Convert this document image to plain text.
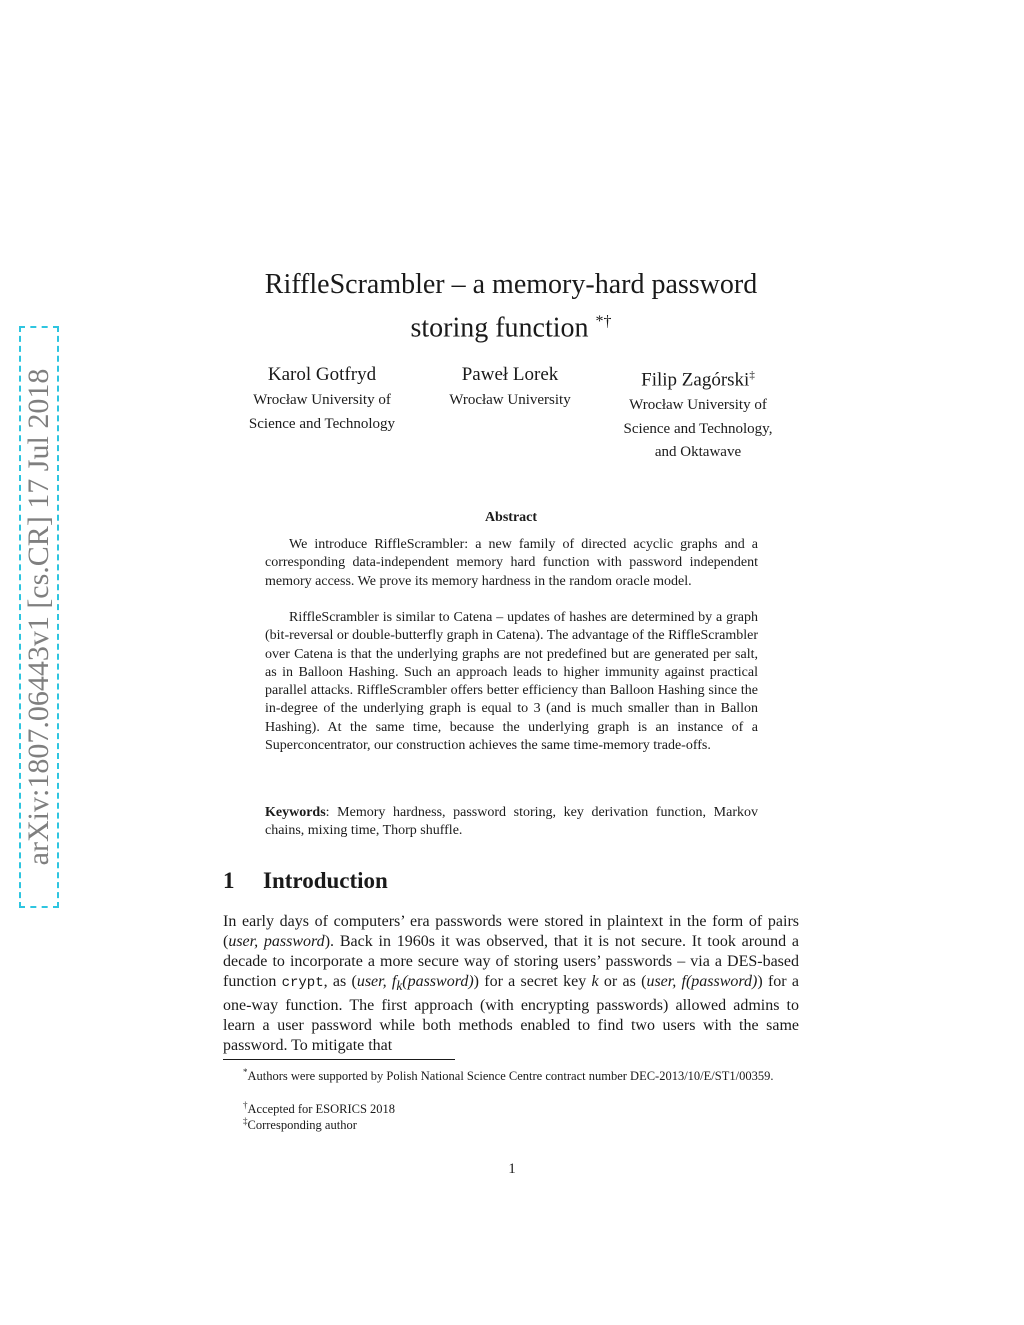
arXiv:1807.06443v1 [cs.CR] 17 Jul 2018
RiffleScrambler – a memory-hard password
storing function *†
Karol Gotfryd
Wrocław University of
Science and Technology
Paweł Lorek
Wrocław University
Filip Zagórski‡
Wrocław University of
Science and Technology,
and Oktawave
Abstract
We introduce RiffleScrambler: a new family of directed acyclic graphs and a corresponding data-independent memory hard function with password independent memory access. We prove its memory hardness in the random oracle model.
RiffleScrambler is similar to Catena – updates of hashes are determined by a graph (bit-reversal or double-butterfly graph in Catena). The advantage of the RiffleScrambler over Catena is that the underlying graphs are not predefined but are generated per salt, as in Balloon Hashing. Such an approach leads to higher immunity against practical parallel attacks. RiffleScrambler offers better efficiency than Balloon Hashing since the in-degree of the underlying graph is equal to 3 (and is much smaller than in Ballon Hashing). At the same time, because the underlying graph is an instance of a Superconcentrator, our construction achieves the same time-memory trade-offs.
Keywords: Memory hardness, password storing, key derivation function, Markov chains, mixing time, Thorp shuffle.
1 Introduction
In early days of computers’ era passwords were stored in plaintext in the form of pairs (user, password). Back in 1960s it was observed, that it is not secure. It took around a decade to incorporate a more secure way of storing users’ passwords – via a DES-based function crypt, as (user, $f_k(password)$) for a secret key k or as (user, f(password)) for a one-way function. The first approach (with encrypting passwords) allowed admins to learn a user password while both methods enabled to find two users with the same password. To mitigate that
*Authors were supported by Polish National Science Centre contract number DEC-2013/10/E/ST1/00359.
†Accepted for ESORICS 2018
‡Corresponding author
1
